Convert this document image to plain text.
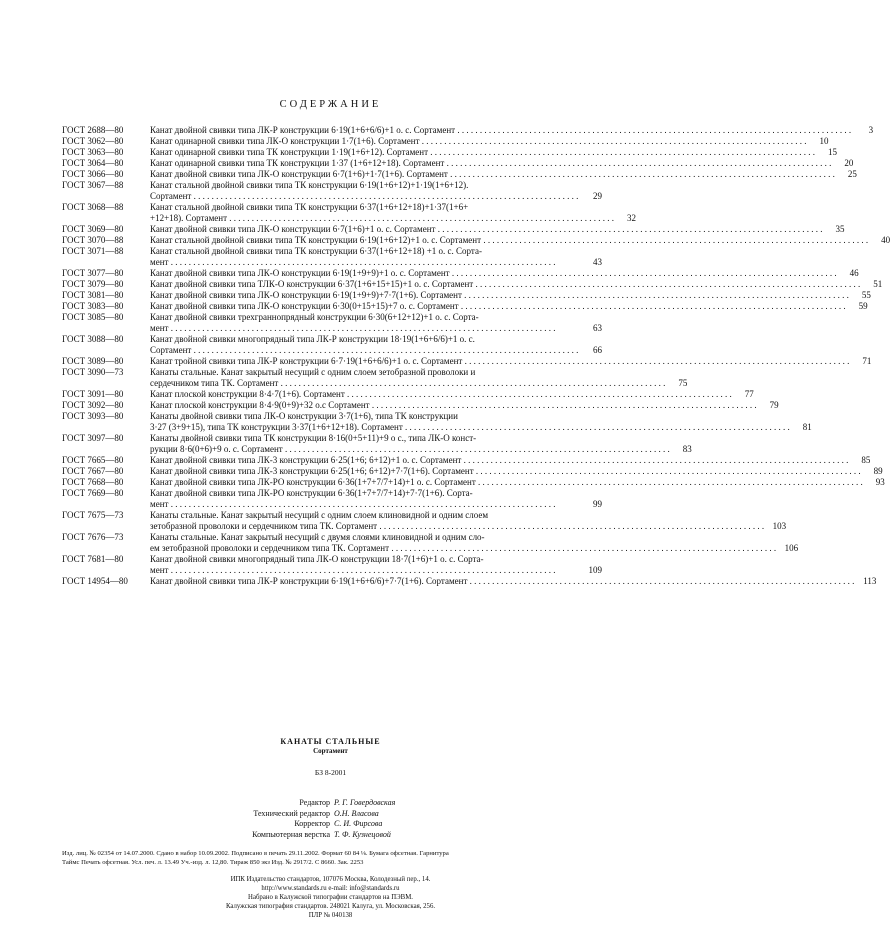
СОДЕРЖАНИЕ
ГОСТ 2688—80	Канат двойной свивки типа ЛК-Р конструкции 6·19(1+6+6/6)+1 о. с. Сортамент . . . . .	3
ГОСТ 3062—80	Канат одинарной свивки типа ЛК-О конструкции 1·7(1+6). Сортамент . . .	10
ГОСТ 3063—80	Канат одинарной свивки типа ТК конструкции 1·19(1+6+12). Сортамент . . .	15
ГОСТ 3064—80	Канат одинарной свивки типа ТК конструкции 1·37 (1+6+12+18). Сортамент . . .	20
ГОСТ 3066—80	Канат двойной свивки типа ЛК-О конструкции 6·7(1+6)+1·7(1+6). Сортамент . . .	25
ГОСТ 3067—88	Канат стальной двойной свивки типа ТК конструкции 6·19(1+6+12)+1·19(1+6+12).
Сортамент . . .	29
ГОСТ 3068—88	Канат стальной двойной свивки типа ТК конструкции 6·37(1+6+12+18)+1·37(1+6+
+12+18). Сортамент . . .	32
ГОСТ 3069—80	Канат двойной свивки типа ЛК-О конструкции 6·7(1+6)+1 о. с. Сортамент . . .	35
ГОСТ 3070—88	Канат стальной двойной свивки типа ТК конструкции 6·19(1+6+12)+1 о. с. Сортамент . . .	40
ГОСТ 3071—88	Канат стальной двойной свивки типа ТК конструкции 6·37(1+6+12+18) +1 о. с. Сорта-
мент . . .	43
ГОСТ 3077—80	Канат двойной свивки типа ЛК-О конструкции 6·19(1+9+9)+1 о. с. Сортамент . . .	46
ГОСТ 3079—80	Канат двойной свивки типа ТЛК-О конструкции 6·37(1+6+15+15)+1 о. с. Сортамент . . .	51
ГОСТ 3081—80	Канат двойной свивки типа ЛК-О конструкции 6·19(1+9+9)+7·7(1+6). Сортамент . . .	55
ГОСТ 3083—80	Канат двойной свивки типа ЛК-О конструкции 6·30(0+15+15)+7 о. с. Сортамент . . .	59
ГОСТ 3085—80	Канат двойной свивки трехграннопрядный конструкции 6·30(6+12+12)+1 о. с. Сорта-
мент . . .	63
ГОСТ 3088—80	Канат двойной свивки многопрядный типа ЛК-Р конструкции 18·19(1+6+6/6)+1 о. с.
Сортамент . . .	66
ГОСТ 3089—80	Канат тройной свивки типа ЛК-Р конструкции 6·7·19(1+6+6/6)+1 о. с. Сортамент . . .	71
ГОСТ 3090—73	Канаты стальные. Канат закрытый несущий с одним слоем зетобразной проволоки и
сердечником типа ТК. Сортамент . . .	75
ГОСТ 3091—80	Канат плоской конструкции 8·4·7(1+6). Сортамент . . .	77
ГОСТ 3092—80	Канат плоской конструкции 8·4·9(0+9)+32 о.с Сортамент . . .	79
ГОСТ 3093—80	Канаты двойной свивки типа ЛК-О конструкции 3·7(1+6), типа ТК конструкции
3·27 (3+9+15), типа ТК конструкции 3·37(1+6+12+18). Сортамент . . .	81
ГОСТ 3097—80	Канаты двойной свивки типа ТК конструкции 8·16(0+5+11)+9 о с., типа ЛК-О конст-
рукции 8·6(0+6)+9 о. с. Сортамент . . .	83
ГОСТ 7665—80	Канат двойной свивки типа ЛК-3 конструкции 6·25(1+6; 6+12)+1 о. с. Сортамент . . .	85
ГОСТ 7667—80	Канат двойной свивки типа ЛК-3 конструкции 6·25(1+6; 6+12)+7·7(1+6). Сортамент . . .	89
ГОСТ 7668—80	Канат двойной свивки типа ЛК-РО конструкции 6·36(1+7+7/7+14)+1 о. с. Сортамент . . .	93
ГОСТ 7669—80	Канат двойной свивки типа ЛК-РО конструкции 6·36(1+7+7/7+14)+7·7(1+6). Сорта-
мент . . .	99
ГОСТ 7675—73	Канаты стальные. Канат закрытый несущий с одним слоем клиновидной и одним слоем
зетобразной проволоки и сердечником типа ТК. Сортамент . . .	103
ГОСТ 7676—73	Канаты стальные. Канат закрытый несущий с двумя слоями клиновидной и одним сло-
ем зетобразной проволоки и сердечником типа ТК. Сортамент . . .	106
ГОСТ 7681—80	Канат двойной свивки многопрядный типа ЛК-О конструкции 18·7(1+6)+1 о. с. Сорта-
мент . . .	109
ГОСТ 14954—80	Канат двойной свивки типа ЛК-Р конструкции 6·19(1+6+6/6)+7·7(1+6). Сортамент . . .	113
КАНАТЫ СТАЛЬНЫЕ
Сортамент
БЗ 8-2001
Редактор Р. Г. Говердовская
Технический редактор О.Н. Власова
Корректор С. И. Фирсова
Компьютерная верстка Т. Ф. Кузнецовой
Изд. лиц. № 02354 от 14.07.2000. Сдано в набор 10.09.2002. Подписано в печать 29.11.2002. Формат 60 84 ⅛. Бумага офсетная. Гарнитура
Таймс Печать офсетная. Усл. печ. л. 13.49 Уч.-изд. л. 12,80. Тираж 850 экз Изд. № 2917/2. С 8660. Зак. 2253
ИПК Издательство стандартов, 107076 Москва, Колодезный пер., 14.
http://www.standards.ru e-mail: info@standards.ru
Набрано в Калужской типографии стандартов на ПЭВМ.
Калужская типография стандартов. 248021 Калуга, ул. Московская, 256.
ПЛР № 040138
